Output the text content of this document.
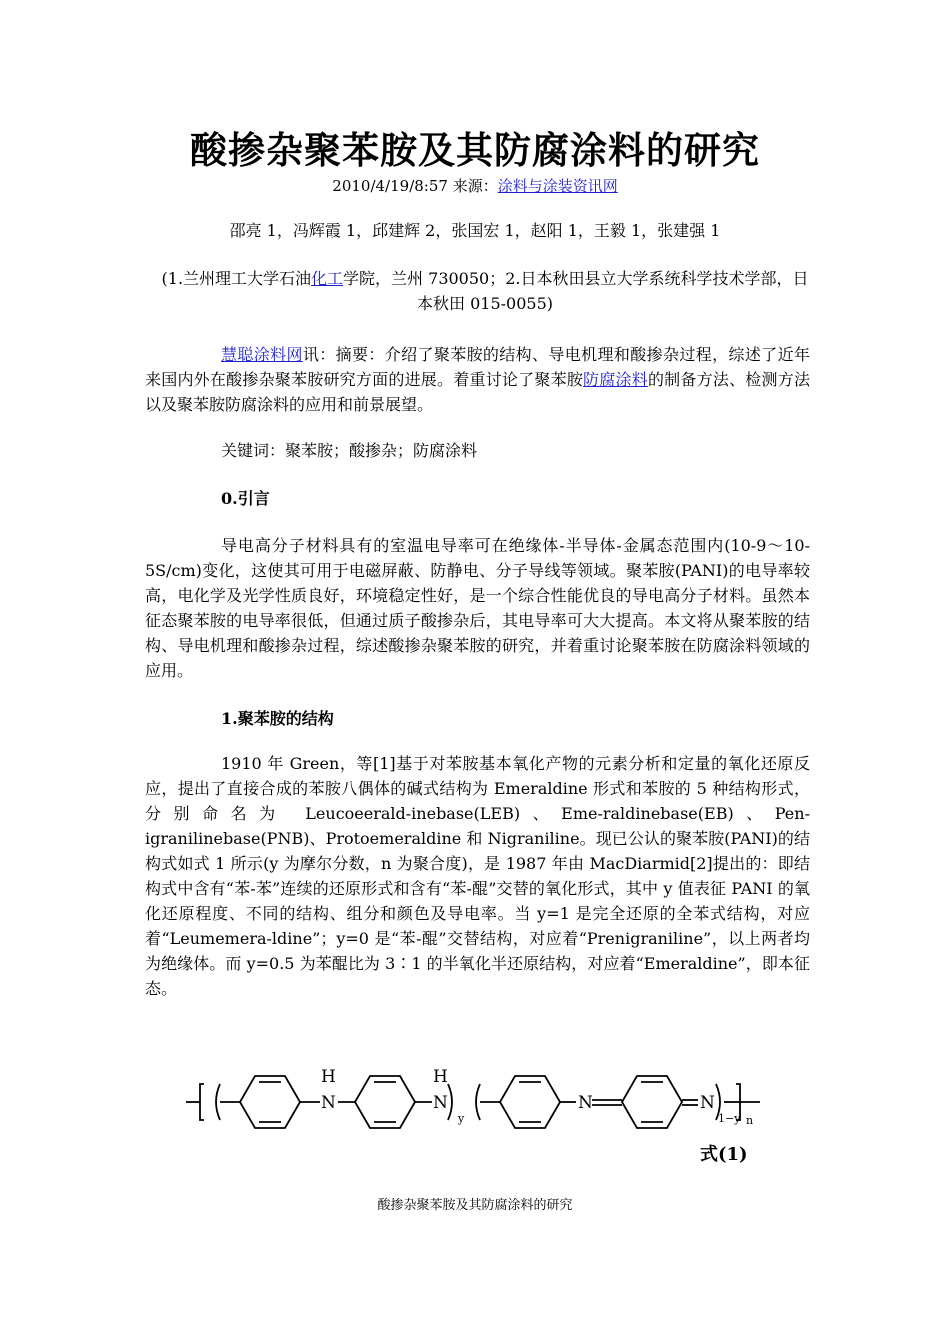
酸掺杂聚苯胺及其防腐涂料的研究
2010/4/19/8:57 来源：涂料与涂装资讯网
邵亮 1，冯辉霞 1，邱建辉 2，张国宏 1，赵阳 1，王毅 1，张建强 1
(1.兰州理工大学石油化工学院，兰州 730050；2.日本秋田县立大学系统科学技术学部，日本秋田 015-0055)

慧聪涂料网讯：摘要：介绍了聚苯胺的结构、导电机理和酸掺杂过程，综述了近年来国内外在酸掺杂聚苯胺研究方面的进展。着重讨论了聚苯胺防腐涂料的制备方法、检测方法以及聚苯胺防腐涂料的应用和前景展望。

关键词：聚苯胺；酸掺杂；防腐涂料

0.引言

导电高分子材料具有的室温电导率可在绝缘体-半导体-金属态范围内(10-9～10-5S/cm)变化，这使其可用于电磁屏蔽、防静电、分子导线等领域。聚苯胺(PANI)的电导率较高，电化学及光学性质良好，环境稳定性好，是一个综合性能优良的导电高分子材料。虽然本征态聚苯胺的电导率很低，但通过质子酸掺杂后，其电导率可大大提高。本文将从聚苯胺的结构、导电机理和酸掺杂过程，综述酸掺杂聚苯胺的研究，并着重讨论聚苯胺在防腐涂料领域的应用。

1.聚苯胺的结构

1910 年 Green，等[1]基于对苯胺基本氧化产物的元素分析和定量的氧化还原反应，提出了直接合成的苯胺八偶体的碱式结构为 Emeraldine 形式和苯胺的 5 种结构形式，分别命名为 Leucoeerald-inebase(LEB)、Eme-raldinebase(EB)、Pen-igranilinebase(PNB)、Protoemeraldine 和 Nigraniline。现已公认的聚苯胺(PANI)的结构式如式 1 所示(y 为摩尔分数，n 为聚合度)，是 1987 年由 MacDiarmid[2]提出的：即结构式中含有“苯-苯”连续的还原形式和含有“苯-醌”交替的氧化形式，其中 y 值表征 PANI 的氧化还原程度、不同的结构、组分和颜色及导电率。当 y=1 是完全还原的全苯式结构，对应着“Leumemera-ldine”；y=0 是“苯-醌”交替结构，对应着“Prenigraniline”，以上两者均为绝缘体。而 y=0.5 为苯醌比为 3∶1 的半氧化半还原结构，对应着“Emeraldine”，即本征态。

H
N
H
N	N	N
y	1−y n
式(1)
酸掺杂聚苯胺及其防腐涂料的研究
